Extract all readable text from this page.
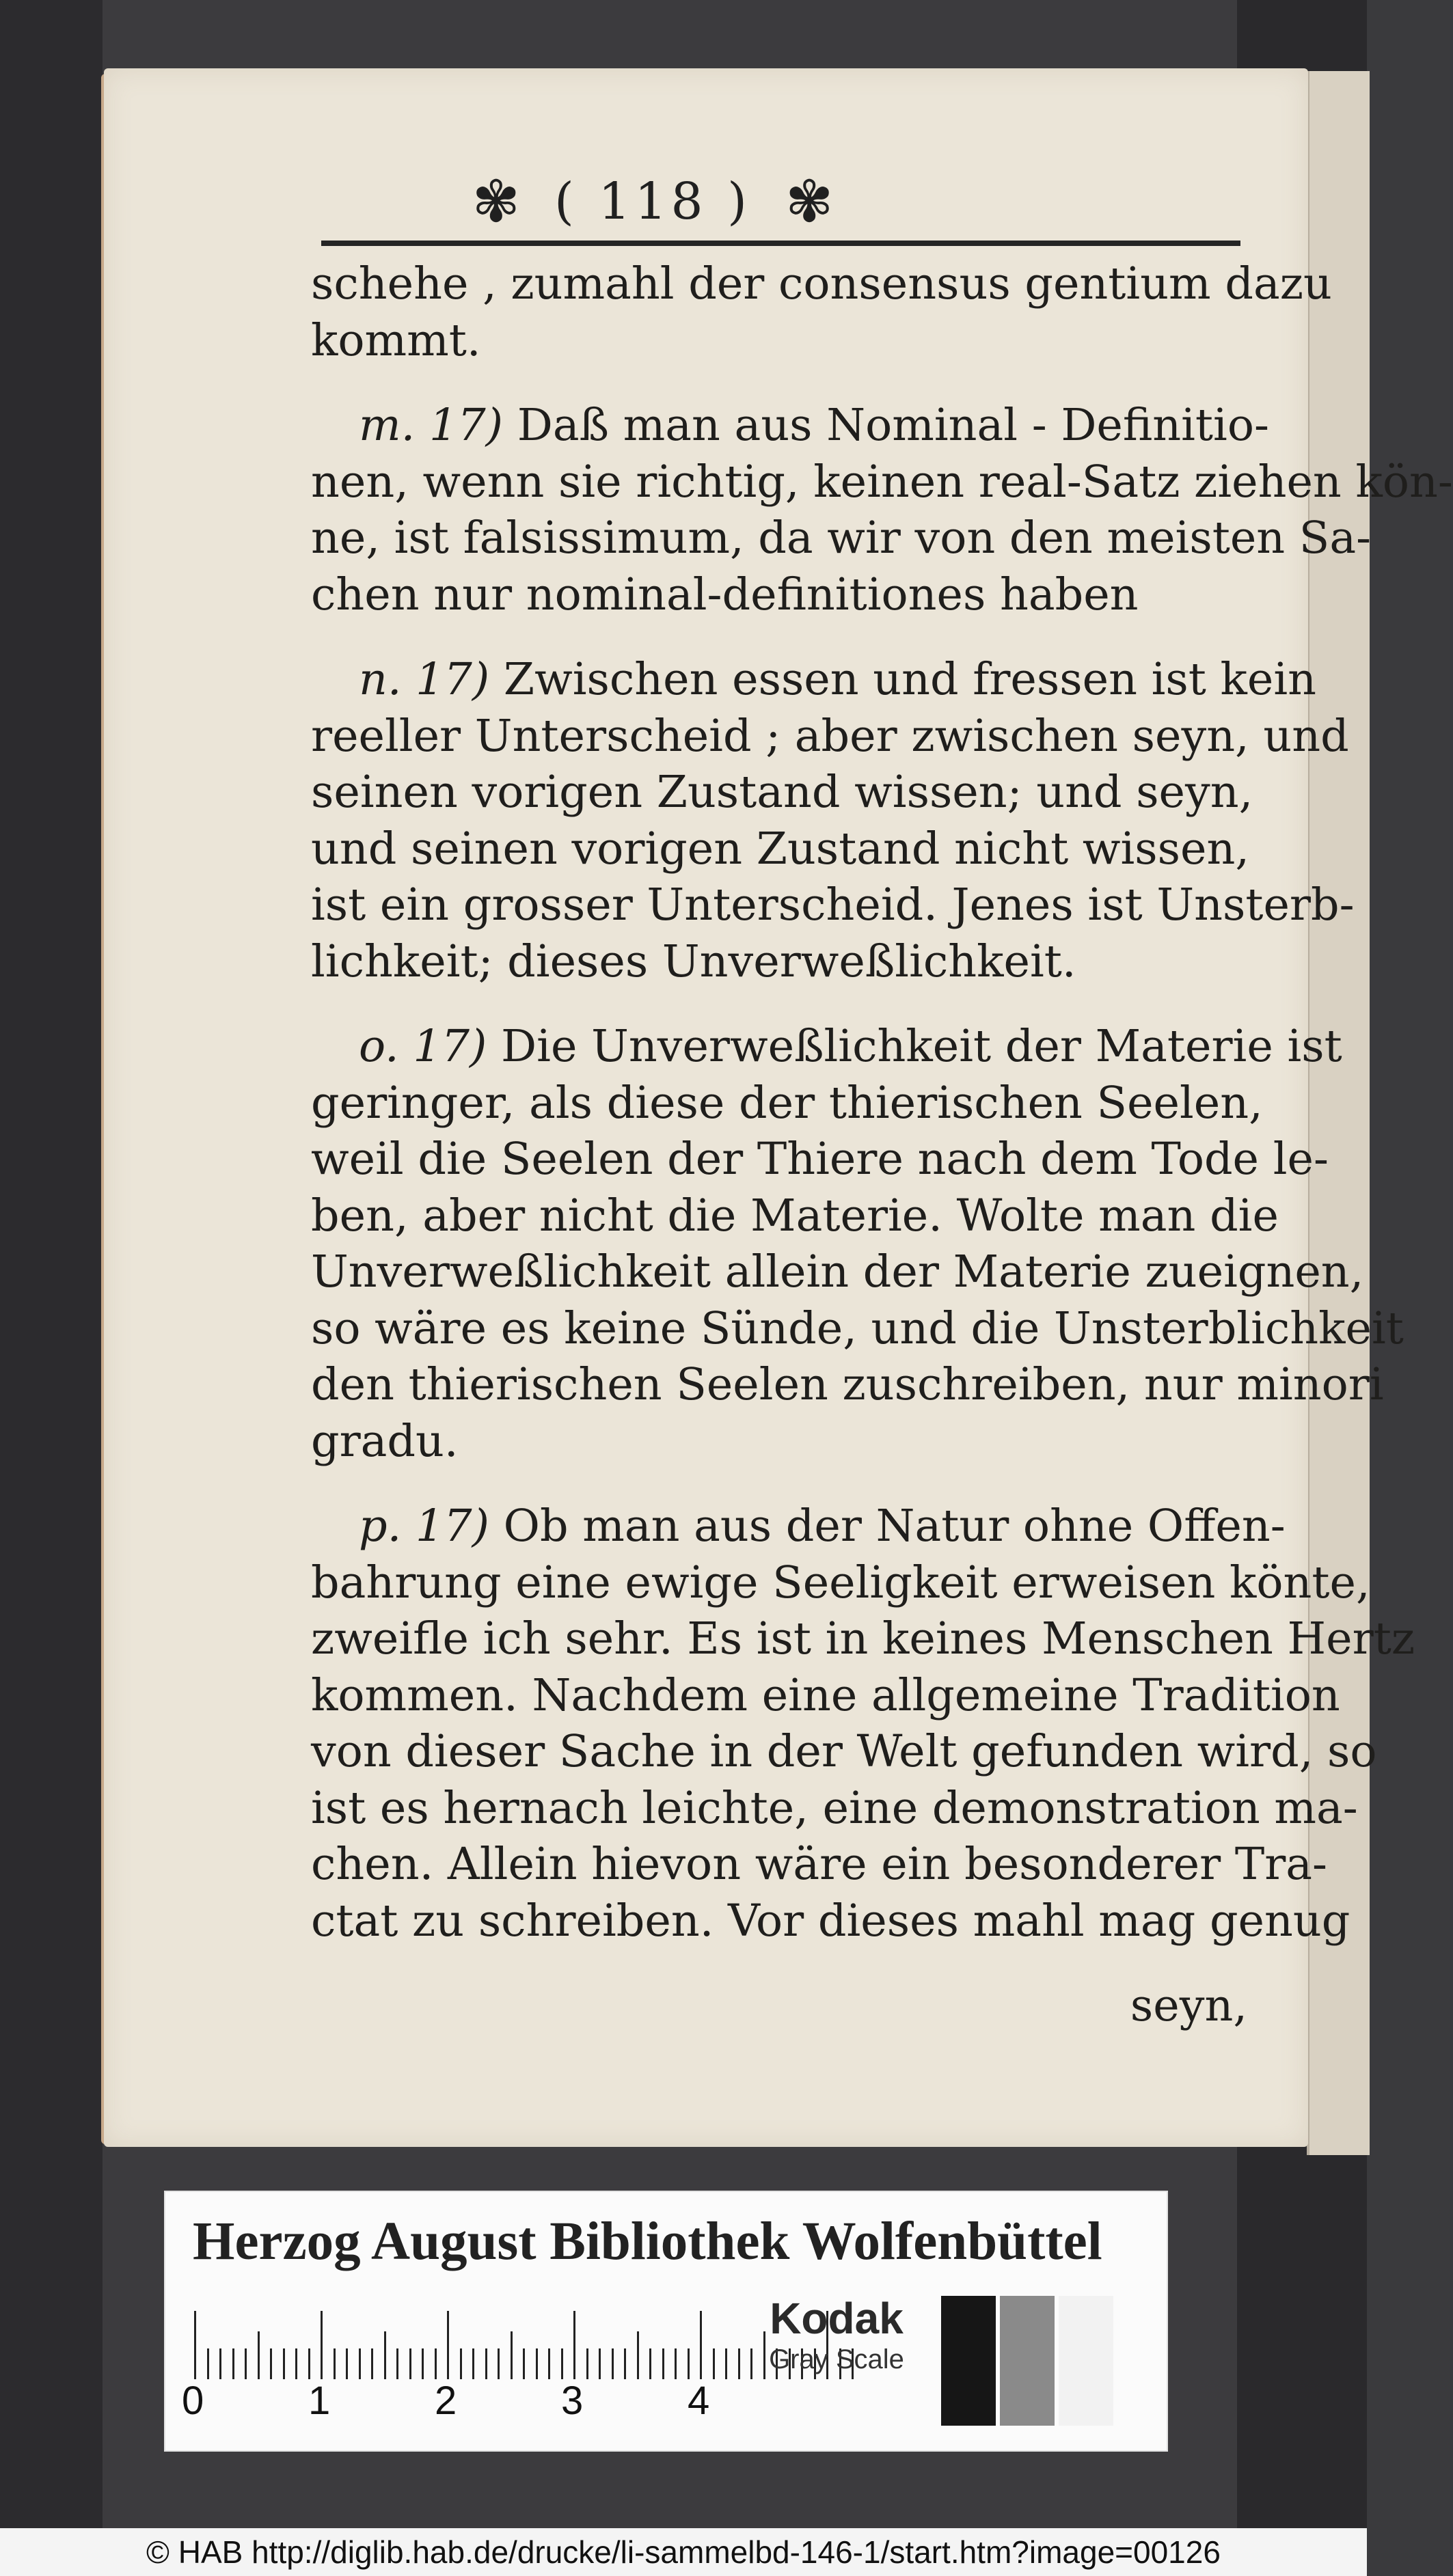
✾ ( 118 ) ✾
schehe , zumahl der consensus gentium dazu
kommt.
m. 17) Daß man aus Nominal - Definitio-
nen, wenn sie richtig, keinen real-Satz ziehen kön-
ne, ist falsissimum, da wir von den meisten Sa-
chen nur nominal-definitiones haben
n. 17) Zwischen essen und fressen ist kein
reeller Unterscheid ; aber zwischen seyn, und
seinen vorigen Zustand wissen; und seyn,
und seinen vorigen Zustand nicht wissen,
ist ein grosser Unterscheid. Jenes ist Unsterb-
lichkeit; dieses Unverweßlichkeit.
o. 17) Die Unverweßlichkeit der Materie ist
geringer, als diese der thierischen Seelen,
weil die Seelen der Thiere nach dem Tode le-
ben, aber nicht die Materie. Wolte man die
Unverweßlichkeit allein der Materie zueignen,
so wäre es keine Sünde, und die Unsterblichkeit
den thierischen Seelen zuschreiben, nur minori
gradu.
p. 17) Ob man aus der Natur ohne Offen-
bahrung eine ewige Seeligkeit erweisen könte,
zweifle ich sehr. Es ist in keines Menschen Hertz
kommen. Nachdem eine allgemeine Tradition
von dieser Sache in der Welt gefunden wird, so
ist es hernach leichte, eine demonstration ma-
chen. Allein hievon wäre ein besonderer Tra-
ctat zu schreiben. Vor dieses mahl mag genug
seyn,
Herzog August Bibliothek Wolfenbüttel
0	1	2	3	4
Kodak
Gray Scale
© HAB http://diglib.hab.de/drucke/li-sammelbd-146-1/start.htm?image=00126
